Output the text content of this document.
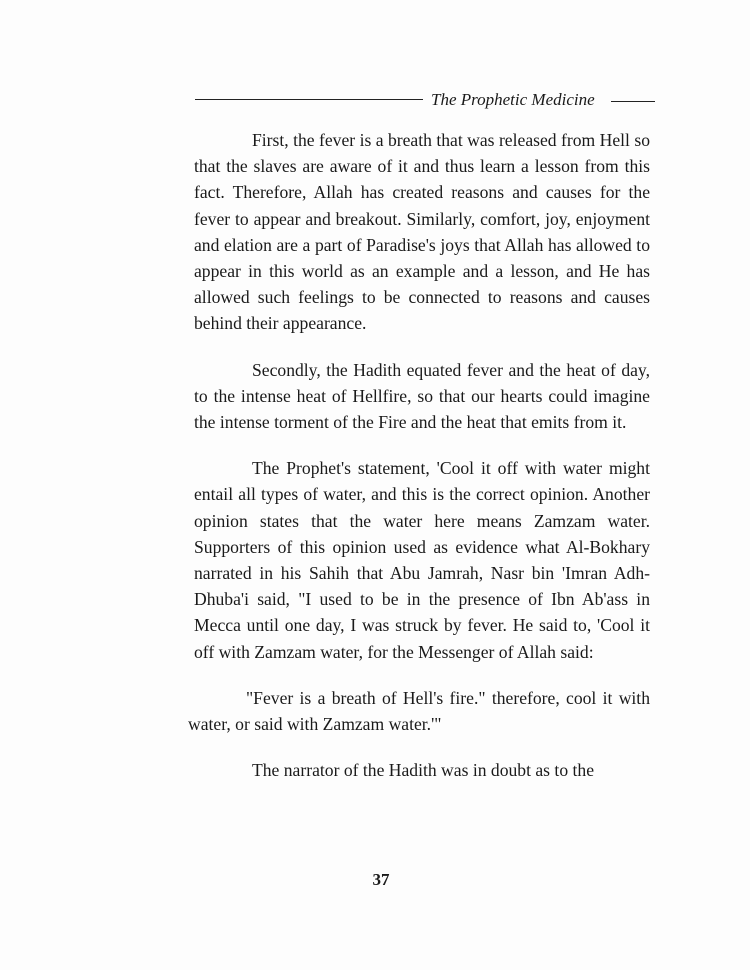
The Prophetic Medicine

First, the fever is a breath that was released from Hell so that the slaves are aware of it and thus learn a lesson from this fact. Therefore, Allah has created reasons and causes for the fever to appear and breakout. Similarly, comfort, joy, enjoyment and elation are a part of Paradise's joys that Allah has allowed to appear in this world as an example and a lesson, and He has allowed such feelings to be connected to reasons and causes behind their appearance.

Secondly, the Hadith equated fever and the heat of day, to the intense heat of Hellfire, so that our hearts could imagine the intense torment of the Fire and the heat that emits from it.

The Prophet's statement, 'Cool it off with water might entail all types of water, and this is the correct opinion. Another opinion states that the water here means Zamzam water. Supporters of this opinion used as evidence what Al-Bokhary narrated in his Sahih that Abu Jamrah, Nasr bin 'Imran Adh-Dhuba'i said, "I used to be in the presence of Ibn Ab'ass in Mecca until one day, I was struck by fever. He said to, 'Cool it off with Zamzam water, for the Messenger of Allah said:

"Fever is a breath of Hell's fire." therefore, cool it with water, or said with Zamzam water.'"

The narrator of the Hadith was in doubt as to the

37
